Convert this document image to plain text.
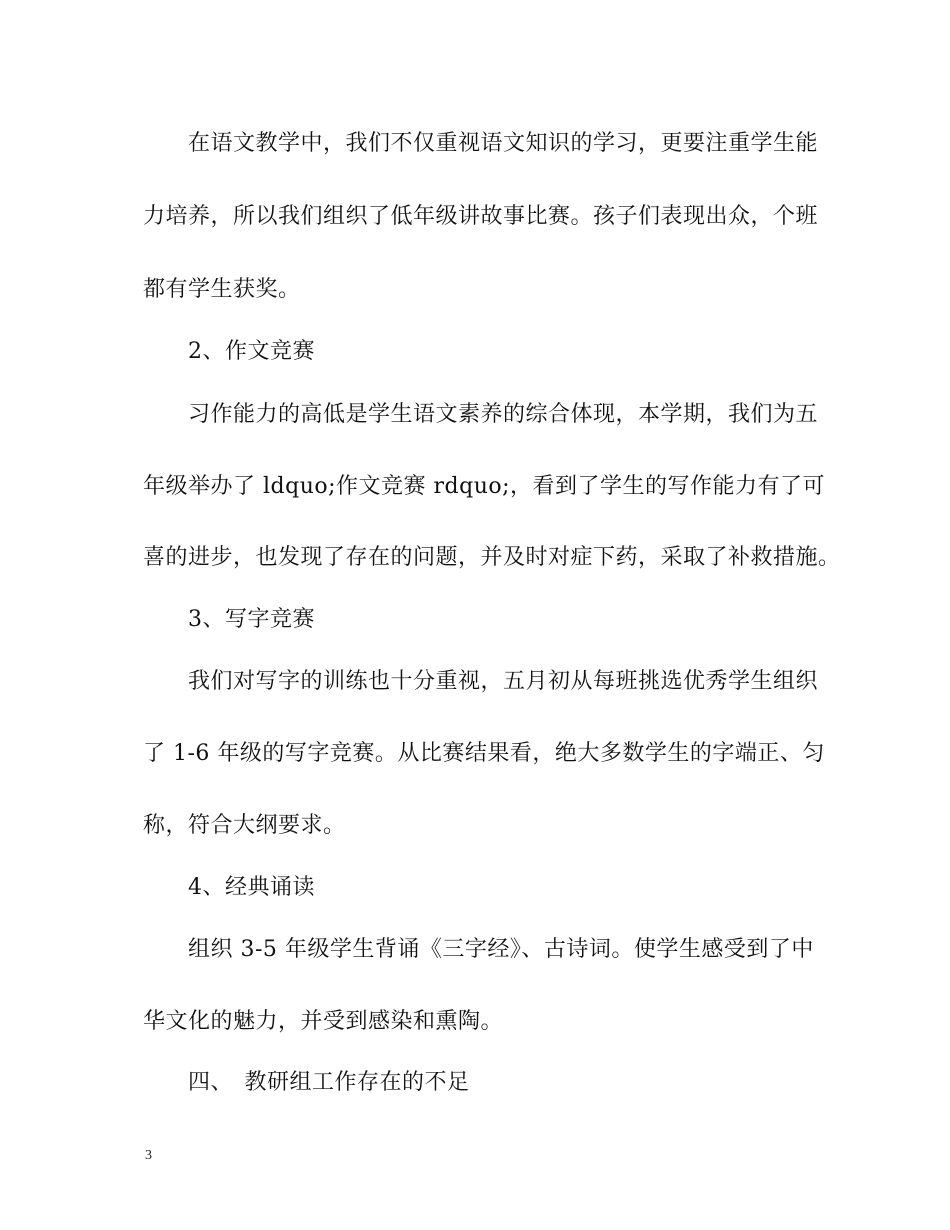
在语文教学中，我们不仅重视语文知识的学习，更要注重学生能
力培养，所以我们组织了低年级讲故事比赛。孩子们表现出众，个班
都有学生获奖。
2、作文竞赛
习作能力的高低是学生语文素养的综合体现，本学期，我们为五
年级举办了 ldquo;作文竞赛 rdquo;，看到了学生的写作能力有了可
喜的进步，也发现了存在的问题，并及时对症下药，采取了补救措施。
3、写字竞赛
我们对写字的训练也十分重视，五月初从每班挑选优秀学生组织
了 1-6 年级的写字竞赛。从比赛结果看，绝大多数学生的字端正、匀
称，符合大纲要求。
4、经典诵读
组织 3-5 年级学生背诵《三字经》、古诗词。使学生感受到了中
华文化的魅力，并受到感染和熏陶。
四、　教研组工作存在的不足
3
